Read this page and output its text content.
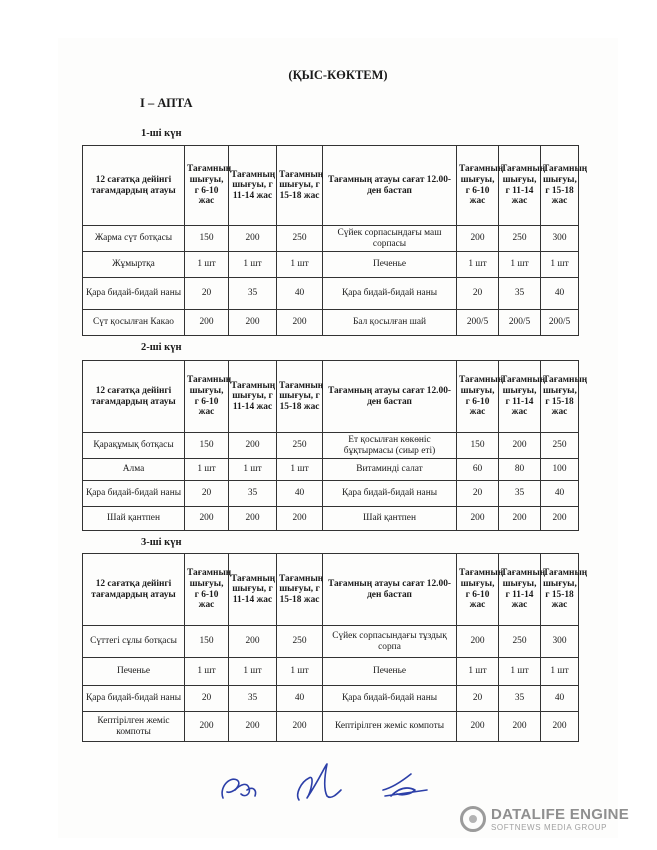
(ҚЫС-КӨКТЕМ)
I – АПТА
1-ші күн
12 сағатқа дейінгі тағамдардың атауы	Тағамның шығуы, г 6-10 жас	Тағамның шығуы, г 11-14 жас	Тағамның шығуы, г 15-18 жас	Тағамның атауы сағат 12.00-ден бастап	Тағамның шығуы, г 6-10 жас	Тағамның шығуы, г 11-14 жас	Тағамның шығуы, г 15-18 жас
Жарма сүт ботқасы	150	200	250	Сүйек сорпасындағы маш сорпасы	200	250	300
Жұмыртқа	1 шт	1 шт	1 шт	Печенье	1 шт	1 шт	1 шт
Қара бидай-бидай наны	20	35	40	Қара бидай-бидай наны	20	35	40
Сүт қосылған Какао	200	200	200	Бал қосылған шай	200/5	200/5	200/5
2-ші күн
12 сағатқа дейінгі тағамдардың атауы	Тағамның шығуы, г 6-10 жас	Тағамның шығуы, г 11-14 жас	Тағамның шығуы, г 15-18 жас	Тағамның атауы сағат 12.00-ден бастап	Тағамның шығуы, г 6-10 жас	Тағамның шығуы, г 11-14 жас	Тағамның шығуы, г 15-18 жас
Қарақұмық ботқасы	150	200	250	Ет қосылған көкөніс бұқтырмасы (сиыр еті)	150	200	250
Алма	1 шт	1 шт	1 шт	Витаминді салат	60	80	100
Қара бидай-бидай наны	20	35	40	Қара бидай-бидай наны	20	35	40
Шай қантпен	200	200	200	Шай қантпен	200	200	200
3-ші күн
12 сағатқа дейінгі тағамдардың атауы	Тағамның шығуы, г 6-10 жас	Тағамның шығуы, г 11-14 жас	Тағамның шығуы, г 15-18 жас	Тағамның атауы сағат 12.00-ден бастап	Тағамның шығуы, г 6-10 жас	Тағамның шығуы, г 11-14 жас	Тағамның шығуы, г 15-18 жас
Сүттегі сұлы ботқасы	150	200	250	Сүйек сорпасындағы тұздық сорпа	200	250	300
Печенье	1 шт	1 шт	1 шт	Печенье	1 шт	1 шт	1 шт
Қара бидай-бидай наны	20	35	40	Қара бидай-бидай наны	20	35	40
Кептірілген жеміс компоты	200	200	200	Кептірілген жеміс компоты	200	200	200
DATALIFE ENGINE
SOFTNEWS MEDIA GROUP
